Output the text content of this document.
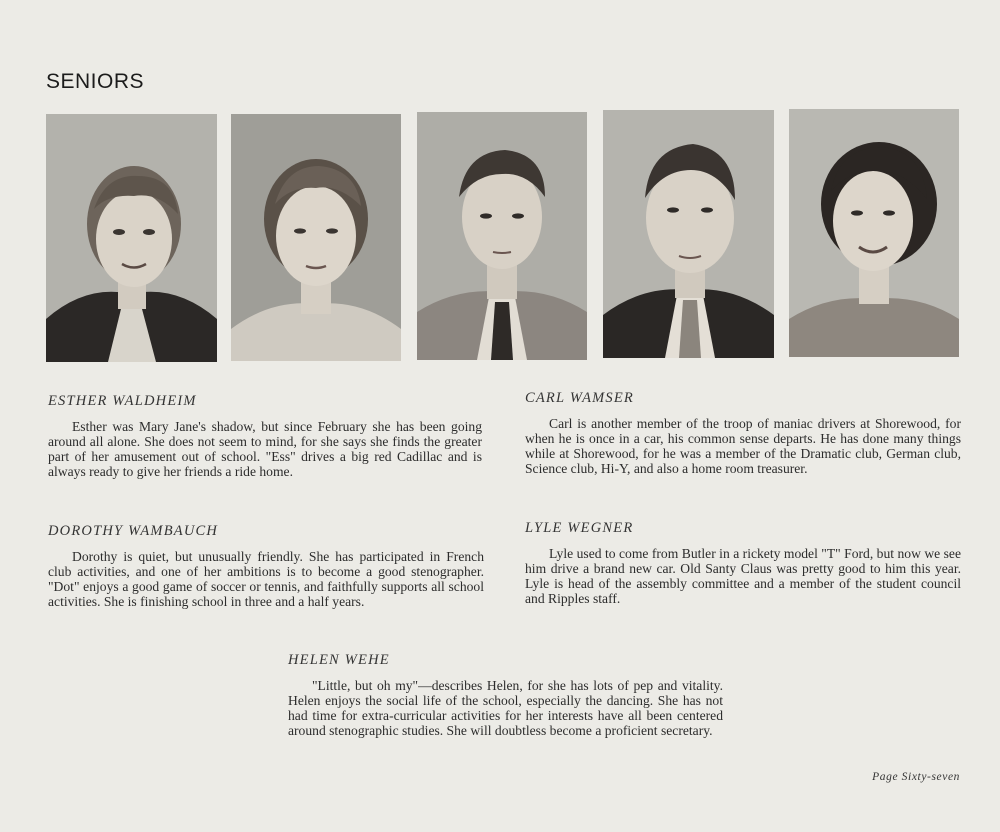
SENIORS

ESTHER WALDHEIM

Esther was Mary Jane's shadow, but since February she has been going around all alone. She does not seem to mind, for she says she finds the greater part of her amusement out of school. "Ess" drives a big red Cadillac and is always ready to give her friends a ride home.

CARL WAMSER

Carl is another member of the troop of maniac drivers at Shorewood, for when he is once in a car, his common sense departs. He has done many things while at Shorewood, for he was a member of the Dramatic club, German club, Science club, Hi-Y, and also a home room treasurer.

DOROTHY WAMBAUCH

Dorothy is quiet, but unusually friendly. She has participated in French club activities, and one of her ambitions is to become a good stenographer. "Dot" enjoys a good game of soccer or tennis, and faithfully supports all school activities. She is finishing school in three and a half years.

LYLE WEGNER

Lyle used to come from Butler in a rickety model "T" Ford, but now we see him drive a brand new car. Old Santy Claus was pretty good to him this year. Lyle is head of the assembly committee and a member of the student council and Ripples staff.

HELEN WEHE

"Little, but oh my"—describes Helen, for she has lots of pep and vitality. Helen enjoys the social life of the school, especially the dancing. She has not had time for extra-curricular activities for her interests have all been centered around stenographic studies. She will doubtless become a proficient secretary.

Page Sixty-seven
